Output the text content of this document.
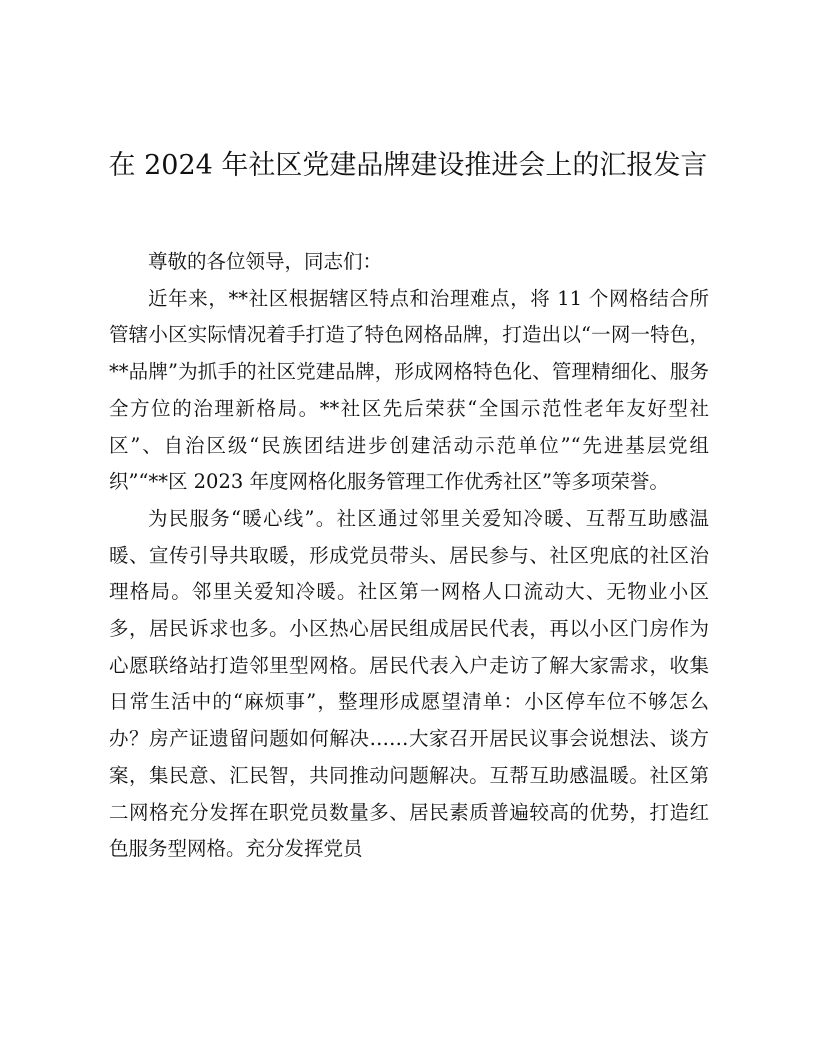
在 2024 年社区党建品牌建设推进会上的汇报发言

尊敬的各位领导，同志们：

近年来，**社区根据辖区特点和治理难点，将 11 个网格结合所管辖小区实际情况着手打造了特色网格品牌，打造出以“一网一特色，**品牌”为抓手的社区党建品牌，形成网格特色化、管理精细化、服务全方位的治理新格局。**社区先后荣获“全国示范性老年友好型社区”、自治区级“民族团结进步创建活动示范单位”“先进基层党组织”“**区 2023 年度网格化服务管理工作优秀社区”等多项荣誉。

为民服务“暖心线”。社区通过邻里关爱知冷暖、互帮互助感温暖、宣传引导共取暖，形成党员带头、居民参与、社区兜底的社区治理格局。邻里关爱知冷暖。社区第一网格人口流动大、无物业小区多，居民诉求也多。小区热心居民组成居民代表，再以小区门房作为心愿联络站打造邻里型网格。居民代表入户走访了解大家需求，收集日常生活中的“麻烦事”，整理形成愿望清单：小区停车位不够怎么办？房产证遗留问题如何解决……大家召开居民议事会说想法、谈方案，集民意、汇民智，共同推动问题解决。互帮互助感温暖。社区第二网格充分发挥在职党员数量多、居民素质普遍较高的优势，打造红色服务型网格。充分发挥党员
